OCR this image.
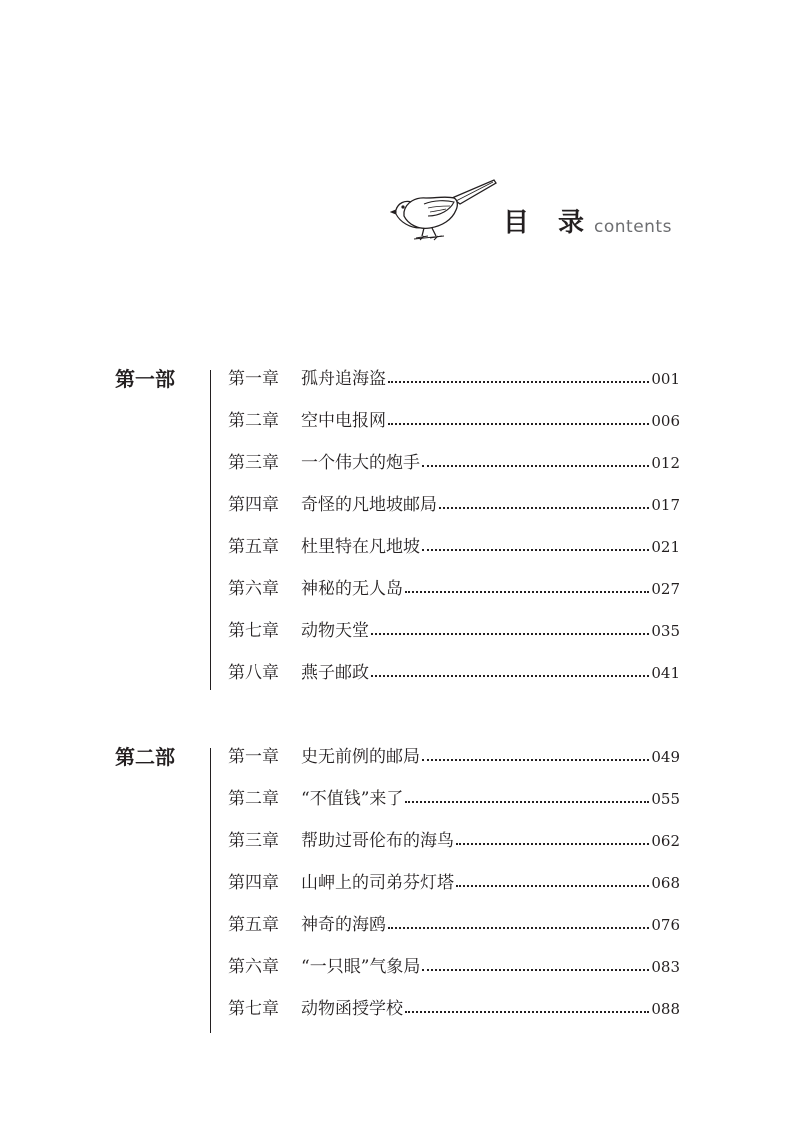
目 录 contents
第一部	第一章	孤舟追海盗	001
第二章	空中电报网	006
第三章	一个伟大的炮手	012
第四章	奇怪的凡地坡邮局	017
第五章	杜里特在凡地坡	021
第六章	神秘的无人岛	027
第七章	动物天堂	035
第八章	燕子邮政	041
第二部	第一章	史无前例的邮局	049
第二章	“不值钱”来了	055
第三章	帮助过哥伦布的海鸟	062
第四章	山岬上的司弟芬灯塔	068
第五章	神奇的海鸥	076
第六章	“一只眼”气象局	083
第七章	动物函授学校	088
